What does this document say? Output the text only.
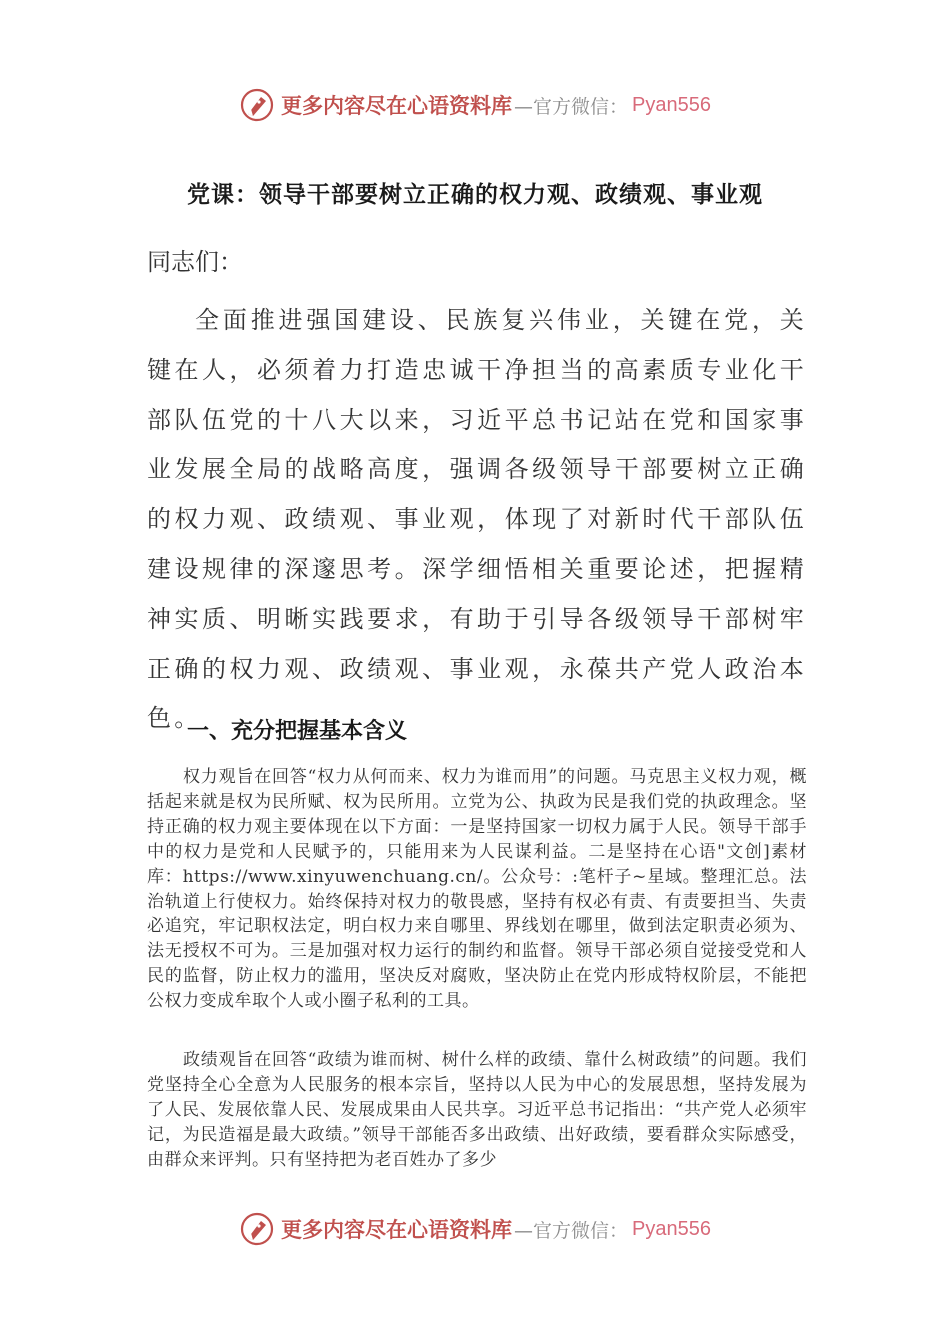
更多内容尽在心语资料库 —官方微信： Pyan556
党课：领导干部要树立正确的权力观、政绩观、事业观
同志们：

全面推进强国建设、民族复兴伟业，关键在党，关键在人，必须着力打造忠诚干净担当的高素质专业化干部队伍党的十八大以来，习近平总书记站在党和国家事业发展全局的战略高度，强调各级领导干部要树立正确的权力观、政绩观、事业观，体现了对新时代干部队伍建设规律的深邃思考。深学细悟相关重要论述，把握精神实质、明晰实践要求，有助于引导各级领导干部树牢正确的权力观、政绩观、事业观，永葆共产党人政治本色。

一、充分把握基本含义

权力观旨在回答“权力从何而来、权力为谁而用”的问题。马克思主义权力观，概括起来就是权为民所赋、权为民所用。立党为公、执政为民是我们党的执政理念。坚持正确的权力观主要体现在以下方面：一是坚持国家一切权力属于人民。领导干部手中的权力是党和人民赋予的，只能用来为人民谋利益。二是坚持在心语"文创]素材库：https://www.xinyuwenchuang.cn/。公众号：:笔杆子~星域。整理汇总。法治轨道上行使权力。始终保持对权力的敬畏感，坚持有权必有责、有责要担当、失责必追究，牢记职权法定，明白权力来自哪里、界线划在哪里，做到法定职责必须为、法无授权不可为。三是加强对权力运行的制约和监督。领导干部必须自觉接受党和人民的监督，防止权力的滥用，坚决反对腐败，坚决防止在党内形成特权阶层，不能把公权力变成牟取个人或小圈子私利的工具。

政绩观旨在回答“政绩为谁而树、树什么样的政绩、靠什么树政绩”的问题。我们党坚持全心全意为人民服务的根本宗旨，坚持以人民为中心的发展思想，坚持发展为了人民、发展依靠人民、发展成果由人民共享。习近平总书记指出：“共产党人必须牢记，为民造福是最大政绩。”领导干部能否多出政绩、出好政绩，要看群众实际感受，由群众来评判。只有坚持把为老百姓办了多少

更多内容尽在心语资料库 —官方微信： Pyan556
